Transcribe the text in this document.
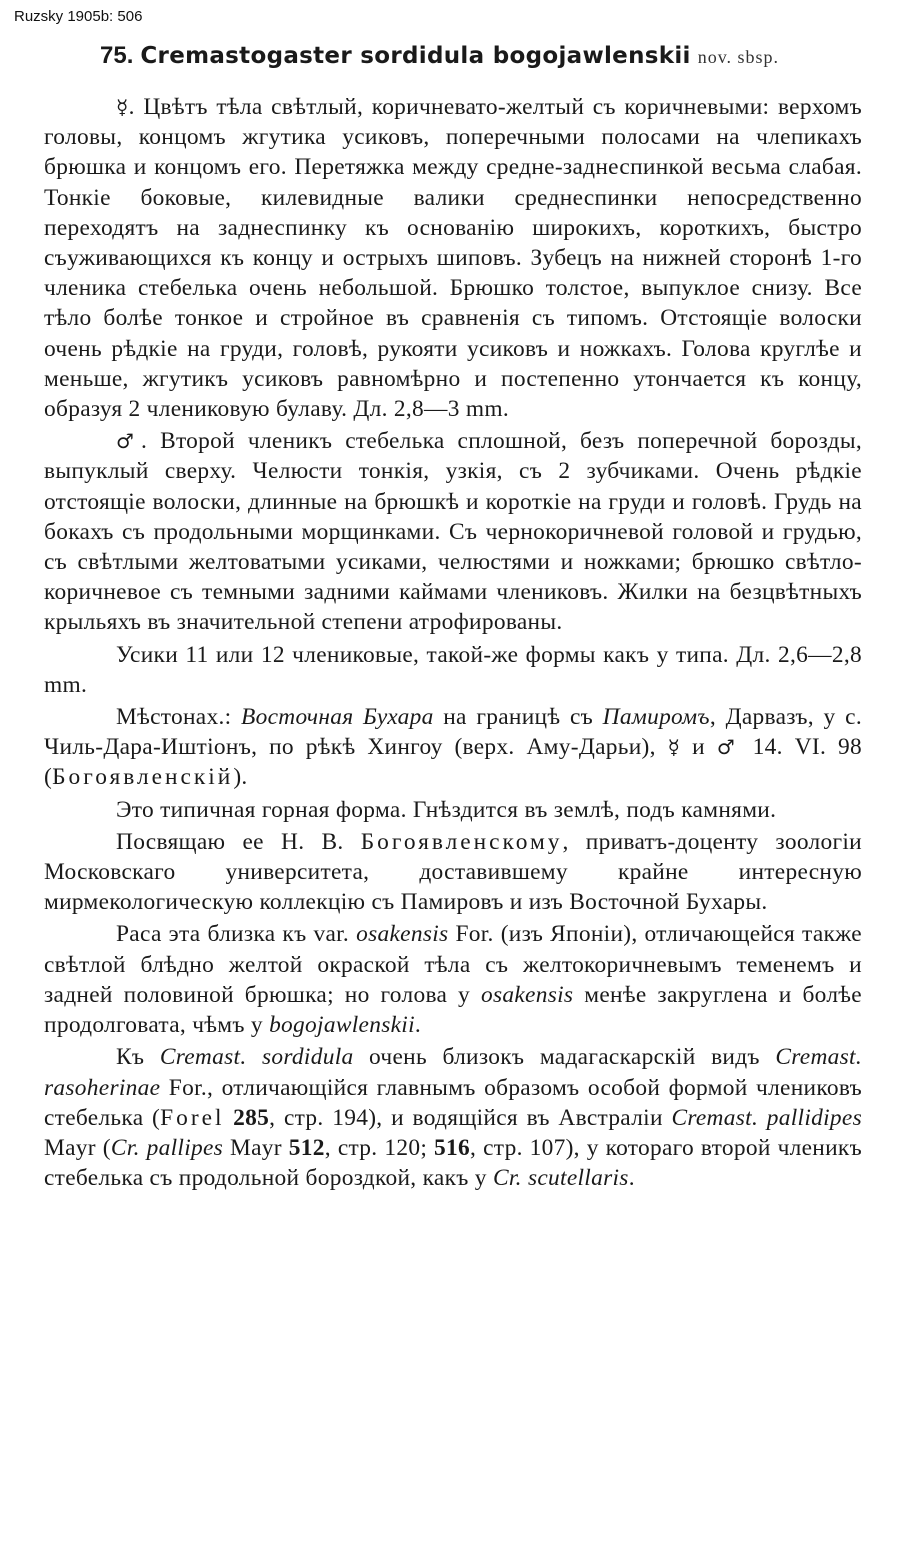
Ruzsky 1905b: 506
75. Cremastogaster sordidula bogojawlenskii nov. sbsp.

☿. Цвѣтъ тѣла свѣтлый, коричневато-желтый съ коричневыми: верхомъ головы, концомъ жгутика усиковъ, поперечными полосами на члепикахъ брюшка и концомъ его. Перетяжка между средне-заднеспинкой весьма слабая. Тонкіе боковые, килевидные валики среднеспинки непосредственно переходятъ на заднеспинку къ основанію широкихъ, короткихъ, быстро съуживающихся къ концу и острыхъ шиповъ. Зубецъ на нижней сторонѣ 1-го членика стебелька очень небольшой. Брюшко толстое, выпуклое снизу. Все тѣло болѣе тонкое и стройное въ сравненія съ типомъ. Отстоящіе волоски очень рѣдкіе на груди, головѣ, рукояти усиковъ и ножкахъ. Голова круглѣе и меньше, жгутикъ усиковъ равномѣрно и постепенно утончается къ концу, образуя 2 члениковую булаву. Дл. 2,8—3 mm.

♂. Второй членикъ стебелька сплошной, безъ поперечной борозды, выпуклый сверху. Челюсти тонкія, узкія, съ 2 зубчиками. Очень рѣдкіе отстоящіе волоски, длинные на брюшкѣ и короткіе на груди и головѣ. Грудь на бокахъ съ продольными морщинками. Съ чернокоричневой головой и грудью, съ свѣтлыми желтоватыми усиками, челюстями и ножками; брюшко свѣтло-коричневое съ темными задними каймами члениковъ. Жилки на безцвѣтныхъ крыльяхъ въ значительной степени атрофированы.

Усики 11 или 12 члениковые, такой-же формы какъ у типа. Дл. 2,6—2,8 mm.

Мѣстонах.: Восточная Бухара на границѣ съ Памиромъ, Дарвазъ, у с. Чиль-Дара-Иштіонъ, по рѣкѣ Хингоу (верх. Аму-Дарьи), ☿ и ♂ 14. VI. 98 (Богоявленскій).

Это типичная горная форма. Гнѣздится въ землѣ, подъ камнями.

Посвящаю ее Н. В. Богоявленскому, приватъ-доценту зоологіи Московскаго университета, доставившему крайне интересную мирмекологическую коллекцію съ Памировъ и изъ Восточной Бухары.

Раса эта близка къ var. osakensis For. (изъ Японіи), отличающейся также свѣтлой блѣдно желтой окраской тѣла съ желтокоричневымъ теменемъ и задней половиной брюшка; но голова у osakensis менѣе закруглена и болѣе продолговата, чѣмъ у bogojawlenskii.

Къ Cremast. sordidula очень близокъ мадагаскарскій видъ Cremast. rasoherinae For., отличающійся главнымъ образомъ особой формой члениковъ стебелька (Forel 285, стр. 194), и водящійся въ Австраліи Cremast. pallidipes Mayr (Cr. pallipes Mayr 512, стр. 120; 516, стр. 107), у котораго второй членикъ стебелька съ продольной бороздкой, какъ у Cr. scutellaris.
